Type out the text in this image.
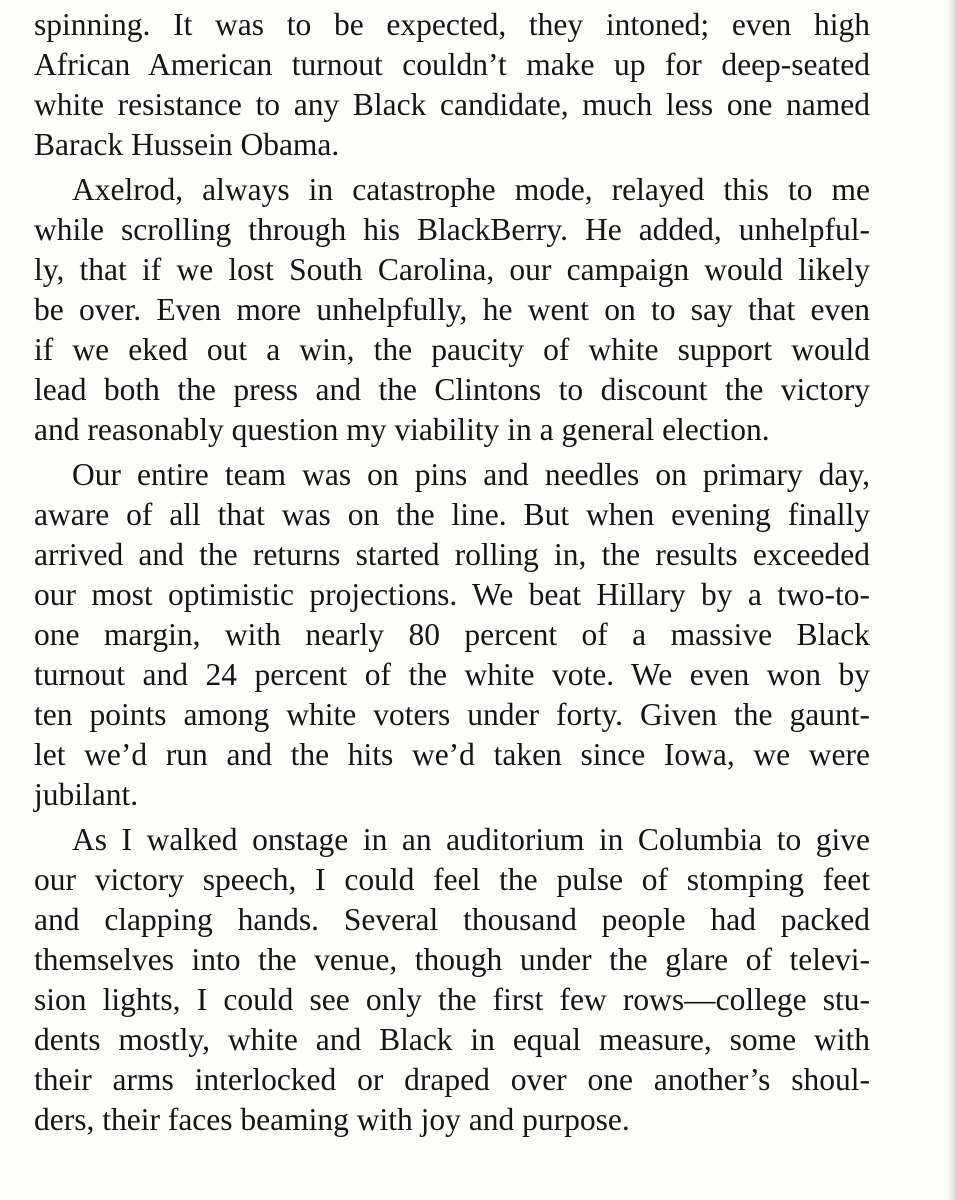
spinning. It was to be expected, they intoned; even high
African American turnout couldn’t make up for deep-seated
white resistance to any Black candidate, much less one named
Barack Hussein Obama.
Axelrod, always in catastrophe mode, relayed this to me
while scrolling through his BlackBerry. He added, unhelpful-
ly, that if we lost South Carolina, our campaign would likely
be over. Even more unhelpfully, he went on to say that even
if we eked out a win, the paucity of white support would
lead both the press and the Clintons to discount the victory
and reasonably question my viability in a general election.
Our entire team was on pins and needles on primary day,
aware of all that was on the line. But when evening finally
arrived and the returns started rolling in, the results exceeded
our most optimistic projections. We beat Hillary by a two-to-
one margin, with nearly 80 percent of a massive Black
turnout and 24 percent of the white vote. We even won by
ten points among white voters under forty. Given the gaunt-
let we’d run and the hits we’d taken since Iowa, we were
jubilant.
As I walked onstage in an auditorium in Columbia to give
our victory speech, I could feel the pulse of stomping feet
and clapping hands. Several thousand people had packed
themselves into the venue, though under the glare of televi-
sion lights, I could see only the first few rows—college stu-
dents mostly, white and Black in equal measure, some with
their arms interlocked or draped over one another’s shoul-
ders, their faces beaming with joy and purpose.
